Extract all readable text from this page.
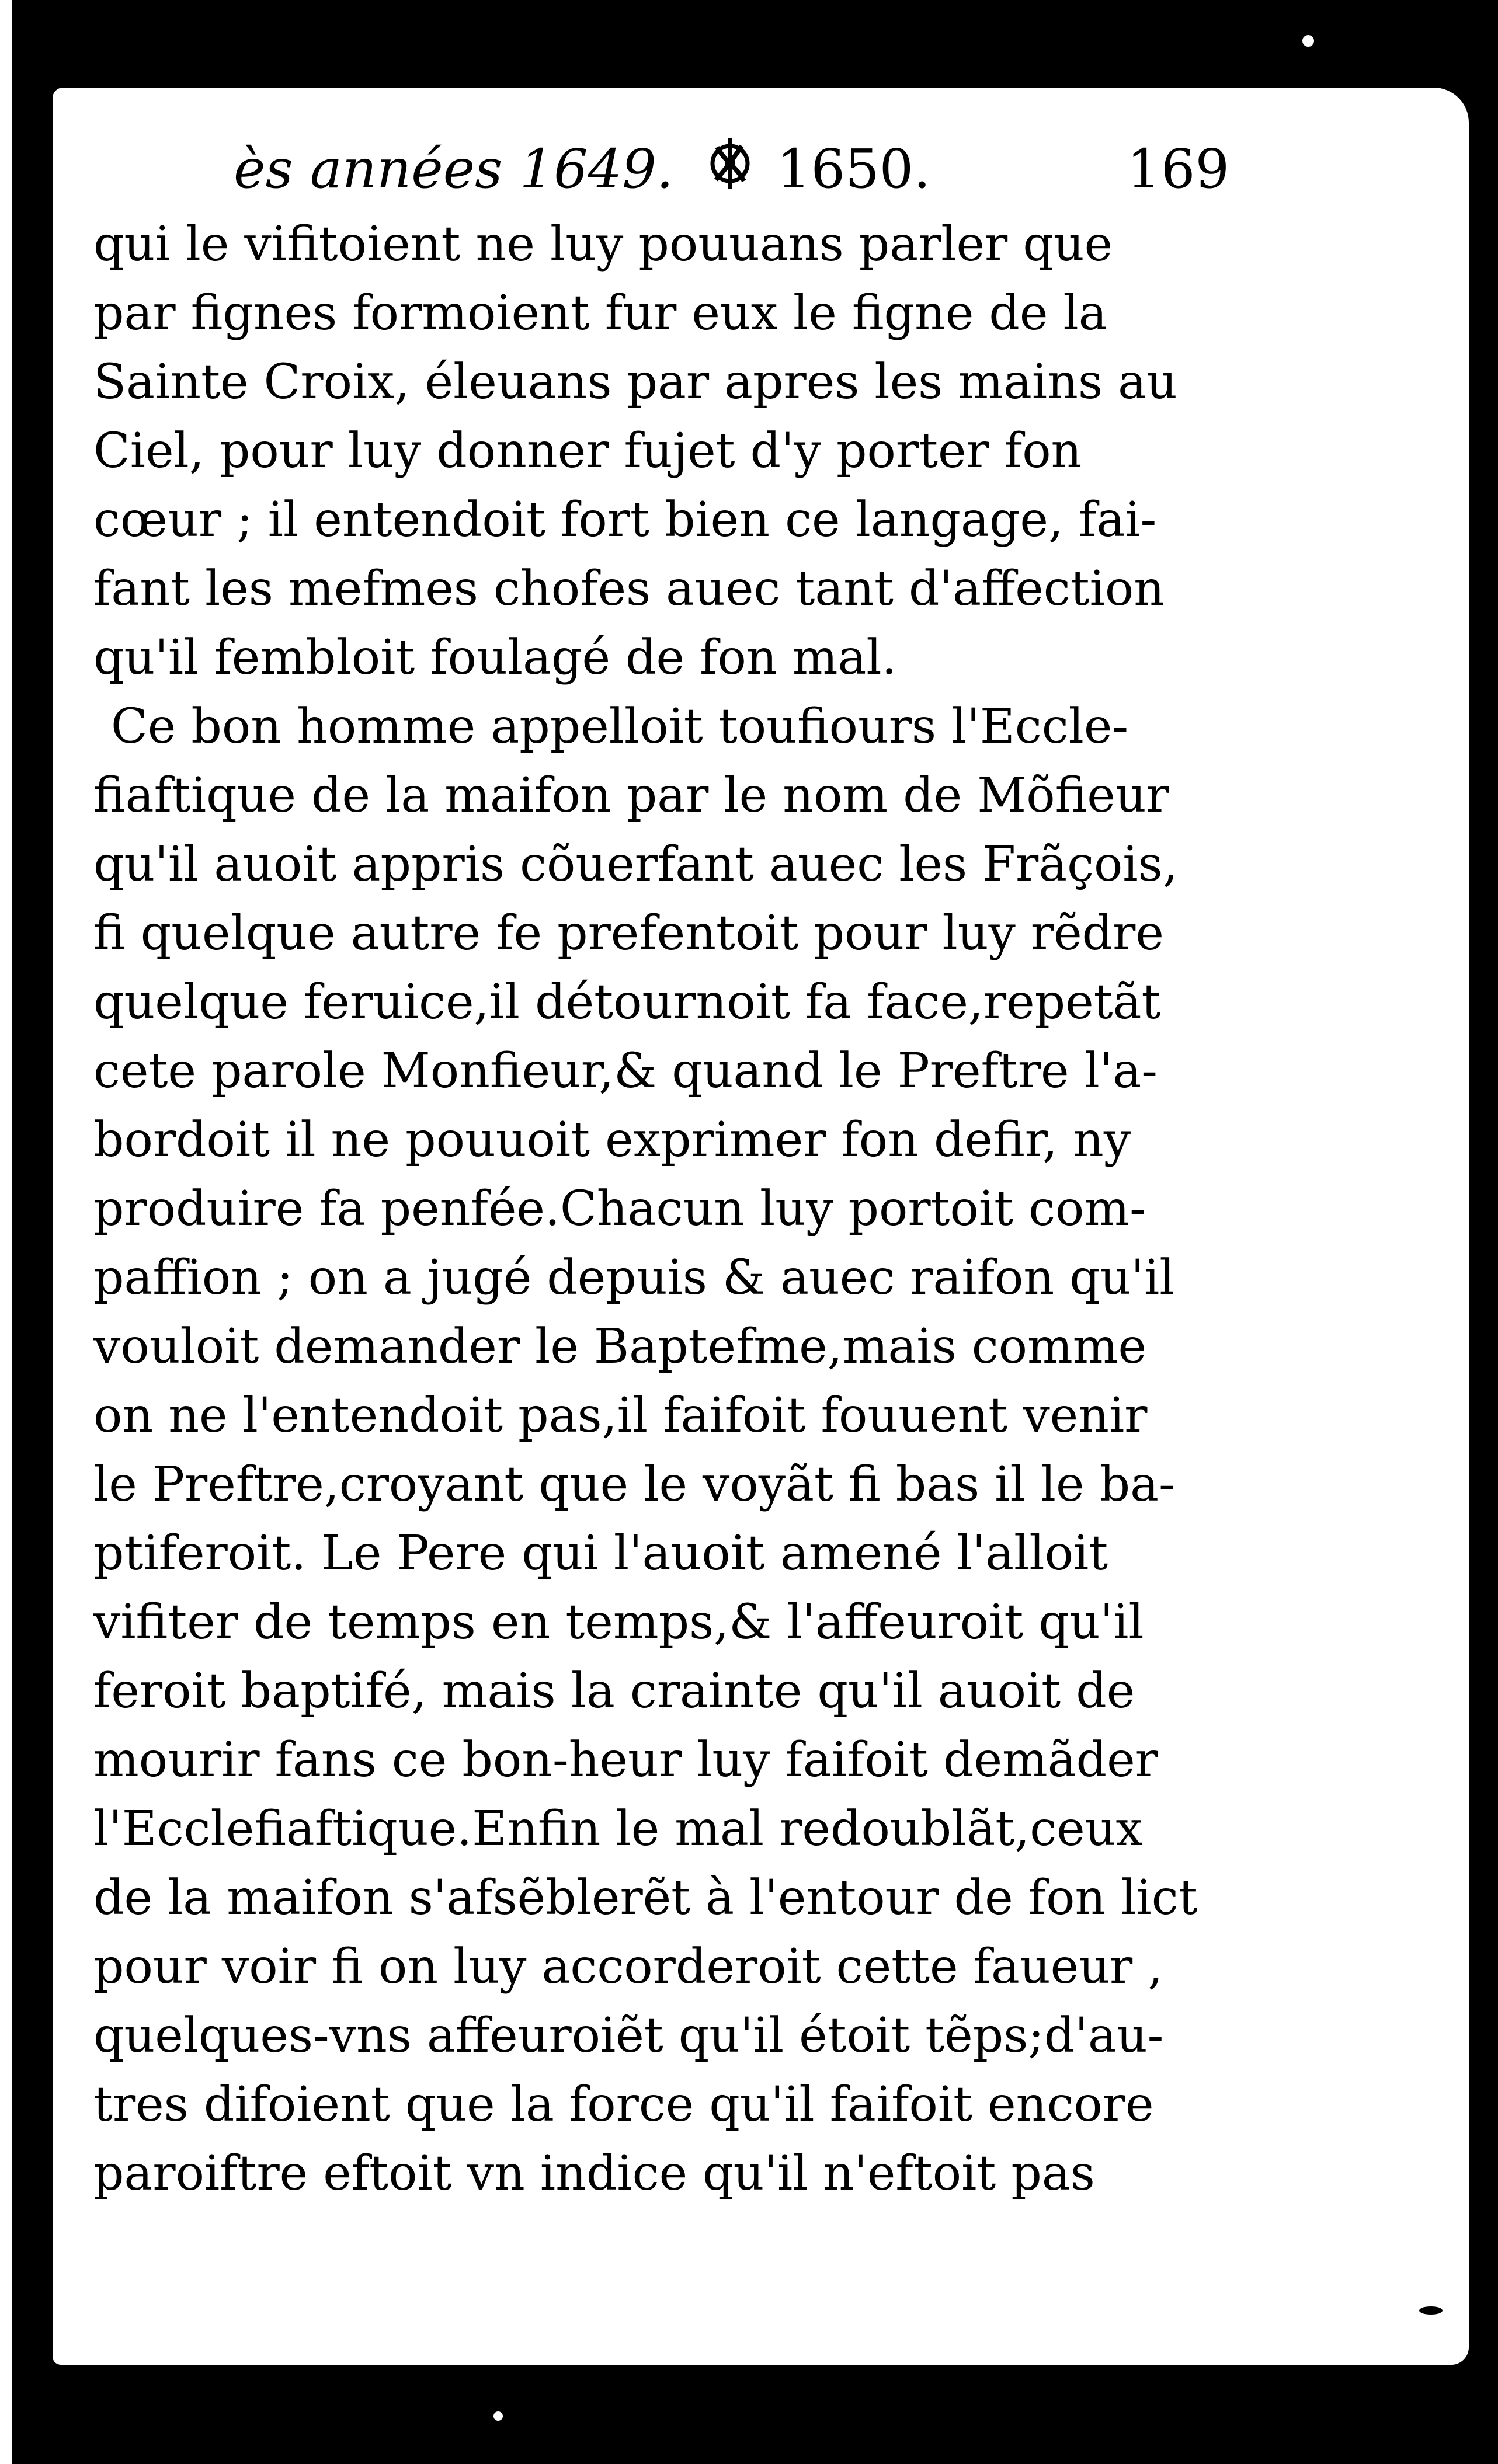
ès années 1649. 1650.	169
qui le vifitoient ne luy pouuans parler que
par fignes formoient fur eux le figne de la
Sainte Croix, éleuans par apres les mains au
Ciel, pour luy donner fujet d'y porter fon
cœur ; il entendoit fort bien ce langage, fai-
fant les mefmes chofes auec tant d'affection
qu'il fembloit foulagé de fon mal.
Ce bon homme appelloit toufiours l'Eccle-
fiaftique de la maifon par le nom de Mõfieur
qu'il auoit appris cõuerfant auec les Frãçois,
fi quelque autre fe prefentoit pour luy rẽdre
quelque feruice,il détournoit fa face,repetãt
cete parole Monfieur,& quand le Preftre l'a-
bordoit il ne pouuoit exprimer fon defir, ny
produire fa penfée.Chacun luy portoit com-
paffion ; on a jugé depuis & auec raifon qu'il
vouloit demander le Baptefme,mais comme
on ne l'entendoit pas,il faifoit fouuent venir
le Preftre,croyant que le voyãt fi bas il le ba-
ptiferoit. Le Pere qui l'auoit amené l'alloit
vifiter de temps en temps,& l'affeuroit qu'il
feroit baptifé, mais la crainte qu'il auoit de
mourir fans ce bon-heur luy faifoit demãder
l'Ecclefiaftique.Enfin le mal redoublãt,ceux
de la maifon s'afsẽblerẽt à l'entour de fon lict
pour voir fi on luy accorderoit cette faueur ,
quelques-vns affeuroiẽt qu'il étoit tẽps;d'au-
tres difoient que la force qu'il faifoit encore
paroiftre eftoit vn indice qu'il n'eftoit pas
